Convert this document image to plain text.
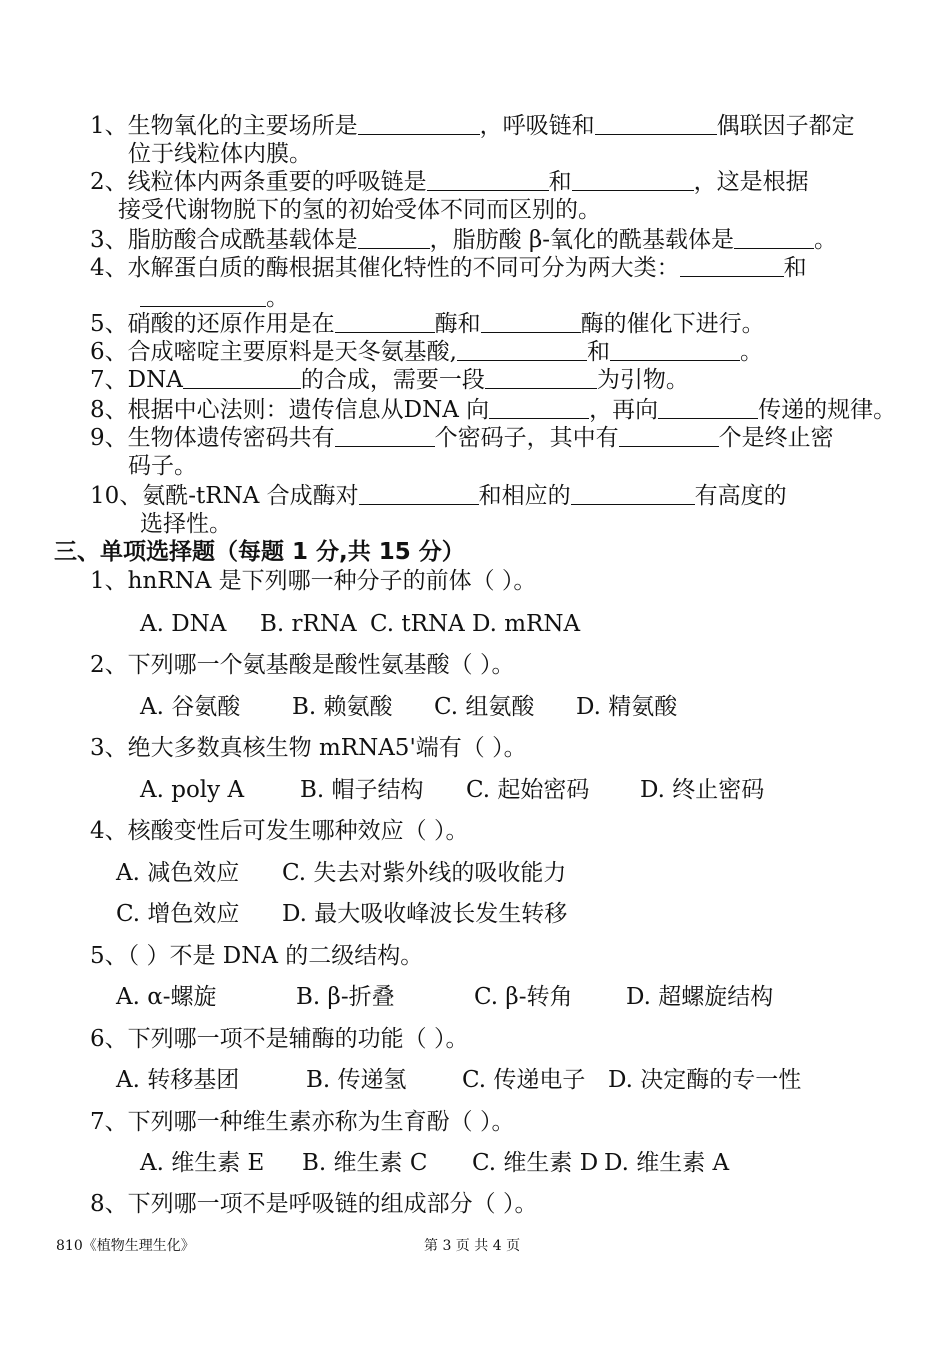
1、生物氧化的主要场所是	，呼吸链和	偶联因子都定
位于线粒体内膜。
2、线粒体内两条重要的呼吸链是	和	，这是根据
接受代谢物脱下的氢的初始受体不同而区别的。
3、脂肪酸合成酰基载体是	，脂肪酸 β-氧化的酰基载体是	。
4、水解蛋白质的酶根据其催化特性的不同可分为两大类：	和
。
5、硝酸的还原作用是在	酶和	酶的催化下进行。
6、合成嘧啶主要原料是天冬氨基酸,	和	。
7、DNA	的合成，需要一段	为引物。
8、根据中心法则：遗传信息从DNA 向	，再向	传递的规律。
9、生物体遗传密码共有	个密码子，其中有	个是终止密
码子。
10、氨酰-tRNA 合成酶对	和相应的	有高度的
选择性。
三、单项选择题（每题 1 分,共 15 分）
1、hnRNA 是下列哪一种分子的前体（ ）。
A. DNA B. rRNA C. tRNA D. mRNA
2、下列哪一个氨基酸是酸性氨基酸（ ）。
A. 谷氨酸 B. 赖氨酸 C. 组氨酸 D. 精氨酸
3、绝大多数真核生物 mRNA5'端有（ ）。
A. poly A B. 帽子结构 C. 起始密码 D. 终止密码
4、核酸变性后可发生哪种效应（ ）。
A. 减色效应 C. 失去对紫外线的吸收能力
C. 增色效应 D. 最大吸收峰波长发生转移
5、（ ）不是 DNA 的二级结构。
A. α-螺旋	B. β-折叠	C. β-转角 D. 超螺旋结构
6、下列哪一项不是辅酶的功能（ ）。
A. 转移基团	B. 传递氢 C. 传递电子 D. 决定酶的专一性
7、下列哪一种维生素亦称为生育酚（ ）。
A. 维生素 E B. 维生素 C C. 维生素 D D. 维生素 A
8、下列哪一项不是呼吸链的组成部分（ ）。
810《植物生理生化》	第 3 页 共 4 页
